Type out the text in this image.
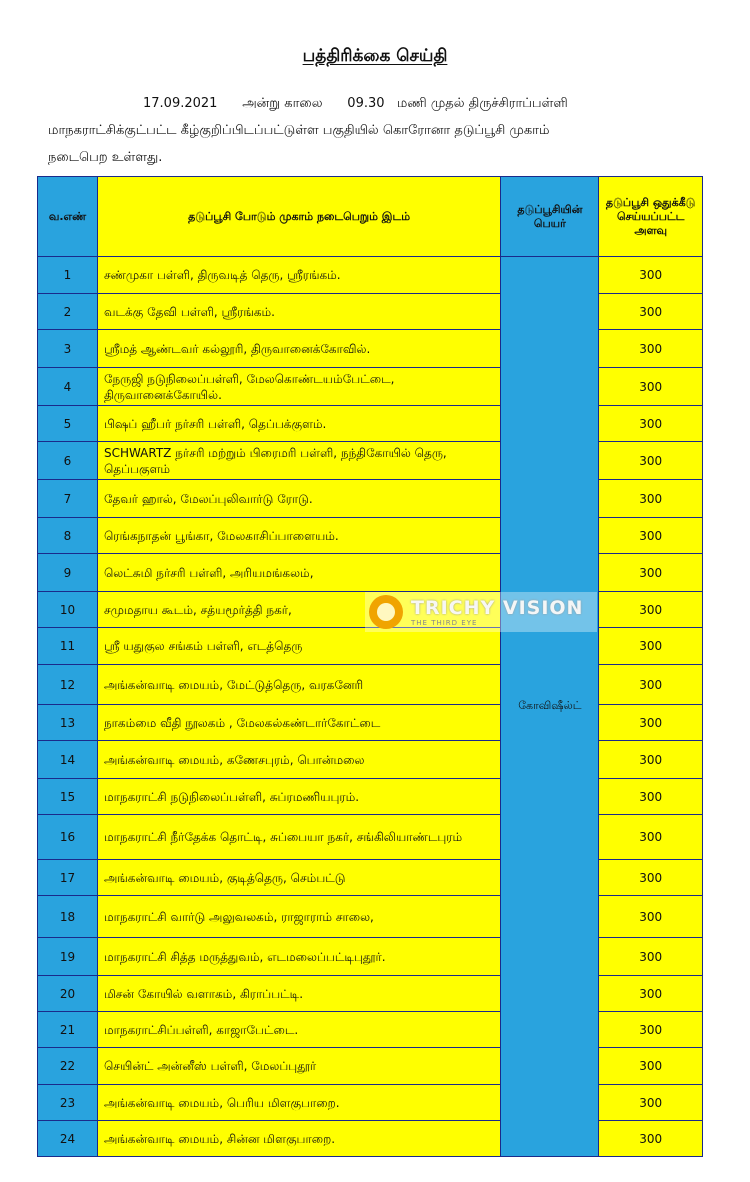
பத்திரிக்கை செய்தி
17.09.2021 அன்று காலை 09.30 மணி முதல் திருச்சிராப்பள்ளி
மாநகராட்சிக்குட்பட்ட கீழ்குறிப்பிடப்பட்டுள்ள பகுதியில் கொரோனா தடுப்பூசி முகாம்
நடைபெற உள்ளது.
வ.எண்	தடுப்பூசி போடும் முகாம் நடைபெறும் இடம்	தடுப்பூசியின் பெயர்	தடுப்பூசி ஒதுக்கீடு செய்யப்பட்ட அளவு
1	சண்முகா பள்ளி, திருவடித் தெரு, ஸ்ரீரங்கம்.	கோவிஷீல்ட்	300
2	வடக்கு தேவி பள்ளி, ஸ்ரீரங்கம்.		300
3	ஸ்ரீமத் ஆண்டவர் கல்லூரி, திருவானைக்கோவில்.		300
4	நேருஜி நடுநிலைப்பள்ளி, மேலகொண்டயம்பேட்டை, திருவானைக்கோயில்.		300
5	பிஷப் ஹீபர் நர்சரி பள்ளி, தெப்பக்குளம்.		300
6	SCHWARTZ நர்சரி மற்றும் பிரைமரி பள்ளி, நந்திகோயில் தெரு, தெப்பகுளம்		300
7	தேவர் ஹால், மேலப்புலிவார்டு ரோடு.		300
8	ரெங்கநாதன் பூங்கா, மேலகாசிப்பாளையம்.		300
9	லெட்சுமி நர்சரி பள்ளி, அரியமங்கலம்,		300
10	சமுமதாய கூடம், சத்யமூர்த்தி நகர்,		300
11	ஸ்ரீ யதுகுல சங்கம் பள்ளி, எடத்தெரு		300
12	அங்கன்வாடி மையம், மேட்டுத்தெரு, வரகனேரி		300
13	நாகம்மை வீதி நூலகம் , மேலகல்கண்டார்கோட்டை		300
14	அங்கன்வாடி மையம், கணேசபுரம், பொன்மலை		300
15	மாநகராட்சி நடுநிலைப்பள்ளி, சுப்ரமணியபுரம்.		300
16	மாநகராட்சி நீர்தேக்க தொட்டி, சுப்பையா நகர், சங்கிலியாண்டபுரம்		300
17	அங்கன்வாடி மையம், குடித்தெரு, செம்பட்டு		300
18	மாநகராட்சி வார்டு அலுவலகம், ராஜாராம் சாலை,		300
19	மாநகராட்சி சித்த மருத்துவம், எடமலைப்பட்டிபுதூர்.		300
20	மிசன் கோயில் வளாகம், கிராப்பட்டி.		300
21	மாநகராட்சிப்பள்ளி, காஜாபேட்டை.		300
22	செயின்ட் அன்னீஸ் பள்ளி, மேலப்புதூர்		300
23	அங்கன்வாடி மையம், பெரிய மிளகுபாறை.		300
24	அங்கன்வாடி மையம், சின்ன மிளகுபாறை.		300
TRICHY VISION
THE THIRD EYE
